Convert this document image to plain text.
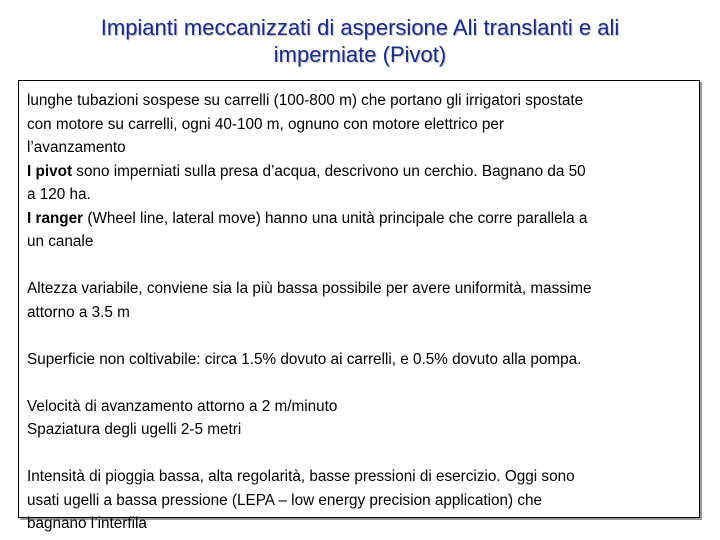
Impianti meccanizzati di aspersione Ali translanti e ali
imperniate (Pivot)
lunghe tubazioni sospese su carrelli (100-800 m) che portano gli irrigatori spostate
con motore su carrelli, ogni 40-100 m, ognuno con motore elettrico per
l’avanzamento
I pivot sono imperniati sulla presa d’acqua, descrivono un cerchio. Bagnano da 50
a 120 ha.
I ranger (Wheel line, lateral move) hanno una unità principale che corre parallela a
un canale
Altezza variabile, conviene sia la più bassa possibile per avere uniformità, massime
attorno a 3.5 m
Superficie non coltivabile: circa 1.5% dovuto ai carrelli, e 0.5% dovuto alla pompa.
Velocità di avanzamento attorno a 2 m/minuto
Spaziatura degli ugelli 2-5 metri
Intensità di pioggia bassa, alta regolarità, basse pressioni di esercizio. Oggi sono
usati ugelli a bassa pressione (LEPA – low energy precision application) che
bagnano l’interfila
